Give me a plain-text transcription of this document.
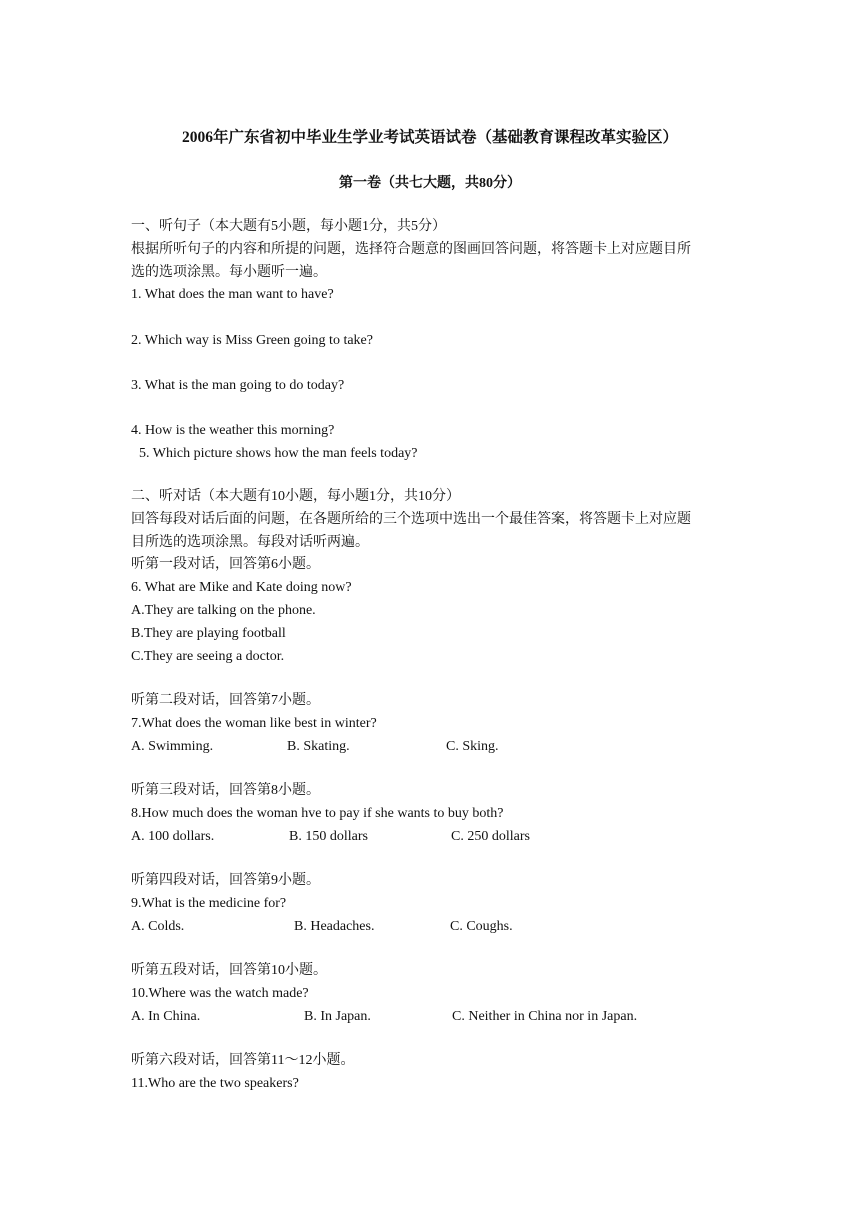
2006年广东省初中毕业生学业考试英语试卷（基础教育课程改革实验区）

第一卷（共七大题，共80分）

一、听句子（本大题有5小题，每小题1分，共5分）

根据所听句子的内容和所提的问题，选择符合题意的图画回答问题，将答题卡上对应题目所

选的选项涂黑。每小题听一遍。

1. What does the man want to have?

2. Which way is Miss Green going to take?

3. What is the man going to do today?

4. How is the weather this morning?

5. Which picture shows how the man feels today?

二、听对话（本大题有10小题，每小题1分，共10分）

回答每段对话后面的问题，在各题所给的三个选项中选出一个最佳答案，将答题卡上对应题

目所选的选项涂黑。每段对话听两遍。

听第一段对话，回答第6小题。

6. What are Mike and Kate doing now?

A.They are talking on the phone.

B.They are playing football

C.They are seeing a doctor.

听第二段对话，回答第7小题。

7.What does the woman like best in winter?

A. Swimming.	B. Skating.	C. Sking.

听第三段对话，回答第8小题。

8.How much does the woman hve to pay if she wants to buy both?

A. 100 dollars.	B. 150 dollars	C. 250 dollars

听第四段对话，回答第9小题。

9.What is the medicine for?

A. Colds.	B. Headaches.	C. Coughs.

听第五段对话，回答第10小题。

10.Where was the watch made?

A. In China.	B. In Japan.	C. Neither in China nor in Japan.

听第六段对话，回答第11～12小题。

11.Who are the two speakers?
